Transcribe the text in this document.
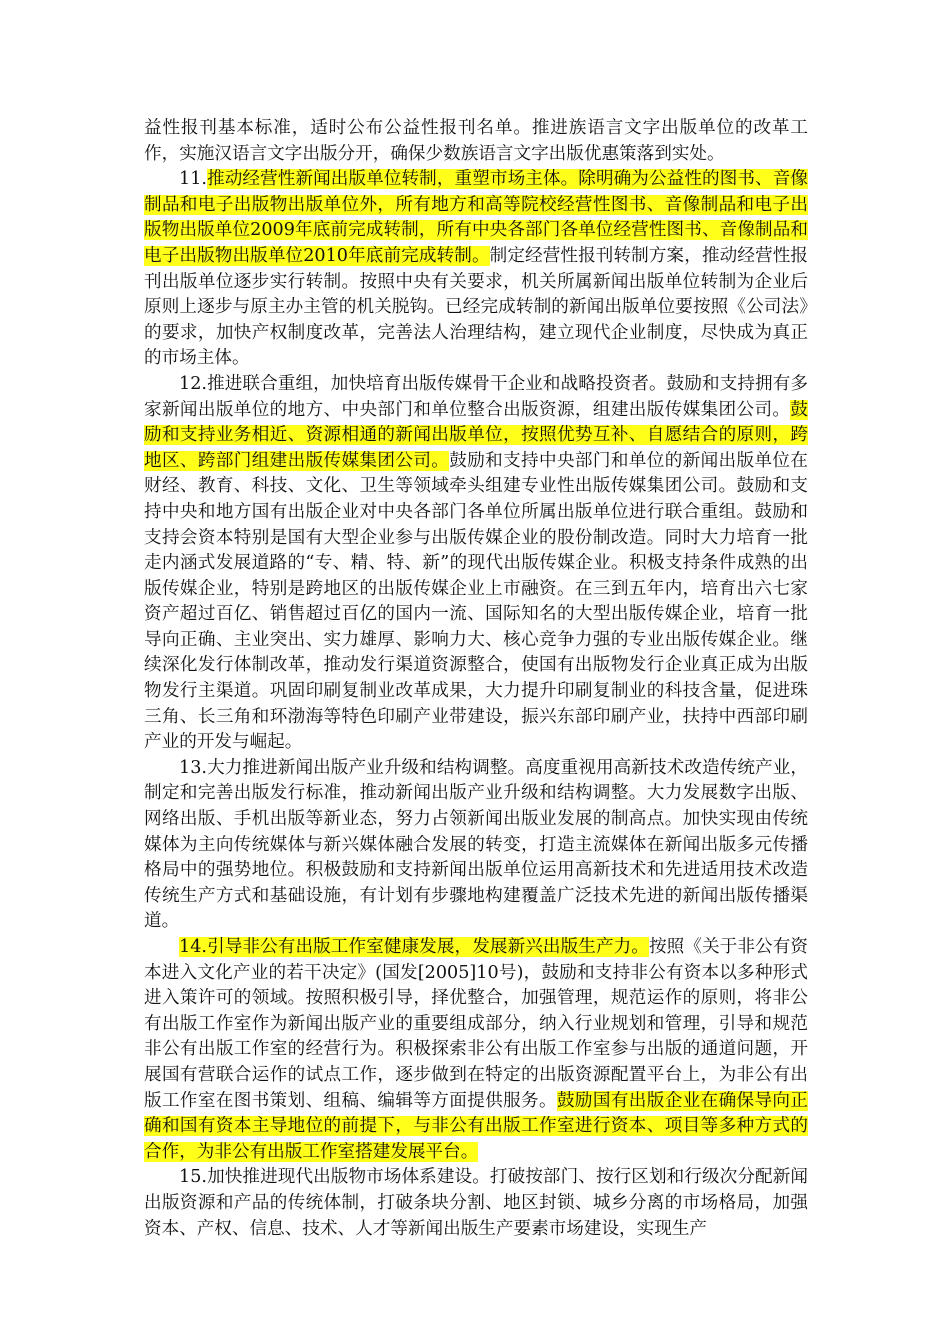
益性报刊基本标准，适时公布公益性报刊名单。推进族语言文字出版单位的改革工作，实施汉语言文字出版分开，确保少数族语言文字出版优惠策落到实处。

11.推动经营性新闻出版单位转制，重塑市场主体。除明确为公益性的图书、音像制品和电子出版物出版单位外，所有地方和高等院校经营性图书、音像制品和电子出版物出版单位2009年底前完成转制，所有中央各部门各单位经营性图书、音像制品和电子出版物出版单位2010年底前完成转制。制定经营性报刊转制方案，推动经营性报刊出版单位逐步实行转制。按照中央有关要求，机关所属新闻出版单位转制为企业后原则上逐步与原主办主管的机关脱钩。已经完成转制的新闻出版单位要按照《公司法》的要求，加快产权制度改革，完善法人治理结构，建立现代企业制度，尽快成为真正的市场主体。

12.推进联合重组，加快培育出版传媒骨干企业和战略投资者。鼓励和支持拥有多家新闻出版单位的地方、中央部门和单位整合出版资源，组建出版传媒集团公司。鼓励和支持业务相近、资源相通的新闻出版单位，按照优势互补、自愿结合的原则，跨地区、跨部门组建出版传媒集团公司。鼓励和支持中央部门和单位的新闻出版单位在财经、教育、科技、文化、卫生等领域牵头组建专业性出版传媒集团公司。鼓励和支持中央和地方国有出版企业对中央各部门各单位所属出版单位进行联合重组。鼓励和支持会资本特别是国有大型企业参与出版传媒企业的股份制改造。同时大力培育一批走内涵式发展道路的“专、精、特、新”的现代出版传媒企业。积极支持条件成熟的出版传媒企业，特别是跨地区的出版传媒企业上市融资。在三到五年内，培育出六七家资产超过百亿、销售超过百亿的国内一流、国际知名的大型出版传媒企业，培育一批导向正确、主业突出、实力雄厚、影响力大、核心竞争力强的专业出版传媒企业。继续深化发行体制改革，推动发行渠道资源整合，使国有出版物发行企业真正成为出版物发行主渠道。巩固印刷复制业改革成果，大力提升印刷复制业的科技含量，促进珠三角、长三角和环渤海等特色印刷产业带建设，振兴东部印刷产业，扶持中西部印刷产业的开发与崛起。

13.大力推进新闻出版产业升级和结构调整。高度重视用高新技术改造传统产业，制定和完善出版发行标准，推动新闻出版产业升级和结构调整。大力发展数字出版、网络出版、手机出版等新业态，努力占领新闻出版业发展的制高点。加快实现由传统媒体为主向传统媒体与新兴媒体融合发展的转变，打造主流媒体在新闻出版多元传播格局中的强势地位。积极鼓励和支持新闻出版单位运用高新技术和先进适用技术改造传统生产方式和基础设施，有计划有步骤地构建覆盖广泛技术先进的新闻出版传播渠道。

14.引导非公有出版工作室健康发展，发展新兴出版生产力。按照《关于非公有资本进入文化产业的若干决定》(国发[2005]10号)，鼓励和支持非公有资本以多种形式进入策许可的领域。按照积极引导，择优整合，加强管理，规范运作的原则，将非公有出版工作室作为新闻出版产业的重要组成部分，纳入行业规划和管理，引导和规范非公有出版工作室的经营行为。积极探索非公有出版工作室参与出版的通道问题，开展国有营联合运作的试点工作，逐步做到在特定的出版资源配置平台上，为非公有出版工作室在图书策划、组稿、编辑等方面提供服务。鼓励国有出版企业在确保导向正确和国有资本主导地位的前提下，与非公有出版工作室进行资本、项目等多种方式的合作，为非公有出版工作室搭建发展平台。

15.加快推进现代出版物市场体系建设。打破按部门、按行区划和行级次分配新闻出版资源和产品的传统体制，打破条块分割、地区封锁、城乡分离的市场格局，加强资本、产权、信息、技术、人才等新闻出版生产要素市场建设，实现生产
